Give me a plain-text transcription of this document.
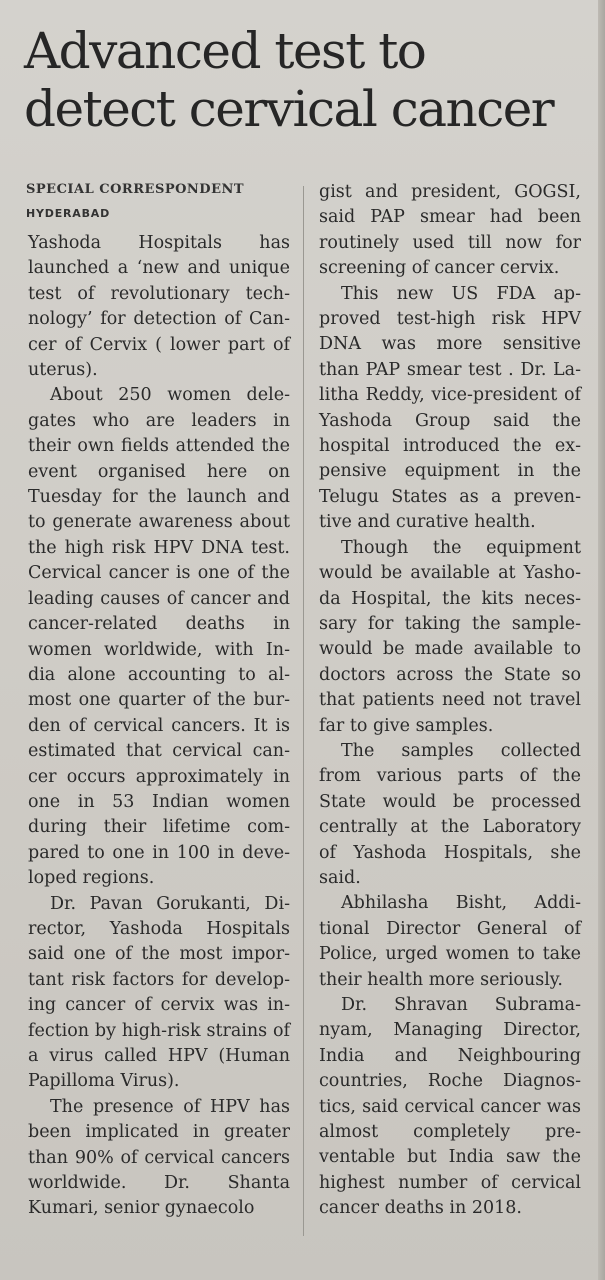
Advanced test to detect cervical cancer
SPECIAL CORRESPONDENT
HYDERABAD

Yashoda Hospitals has launched a ‘new and unique test of revolutionary technology’ for detection of Cancer of Cervix ( lower part of uterus).

About 250 women delegates who are leaders in their own fields attended the event organised here on Tuesday for the launch and to generate awareness about the high risk HPV DNA test. Cervical cancer is one of the leading causes of cancer and cancer-related deaths in women worldwide, with India alone accounting to almost one quarter of the burden of cervical cancers. It is estimated that cervical cancer occurs approximately in one in 53 Indian women during their lifetime compared to one in 100 in developed regions.

Dr. Pavan Gorukanti, Director, Yashoda Hospitals said one of the most important risk factors for developing cancer of cervix was infection by high-risk strains of a virus called HPV (Human Papilloma Virus).

The presence of HPV has been implicated in greater than 90% of cervical cancers worldwide. Dr. Shanta Kumari, senior gynaecolo

gist and president, GOGSI, said PAP smear had been routinely used till now for screening of cancer cervix.

This new US FDA approved test-high risk HPV DNA was more sensitive than PAP smear test . Dr. Lalitha Reddy, vice-president of Yashoda Group said the hospital introduced the expensive equipment in the Telugu States as a preventive and curative health.

Though the equipment would be available at Yashoda Hospital, the kits necessary for taking the samplewould be made available to doctors across the State so that patients need not travel far to give samples.

The samples collected from various parts of the State would be processed centrally at the Laboratory of Yashoda Hospitals, she said.

Abhilasha Bisht, Additional Director General of Police, urged women to take their health more seriously.

Dr. Shravan Subramanyam, Managing Director, India and Neighbouring countries, Roche Diagnostics, said cervical cancer was almost completely preventable but India saw the highest number of cervical cancer deaths in 2018.
